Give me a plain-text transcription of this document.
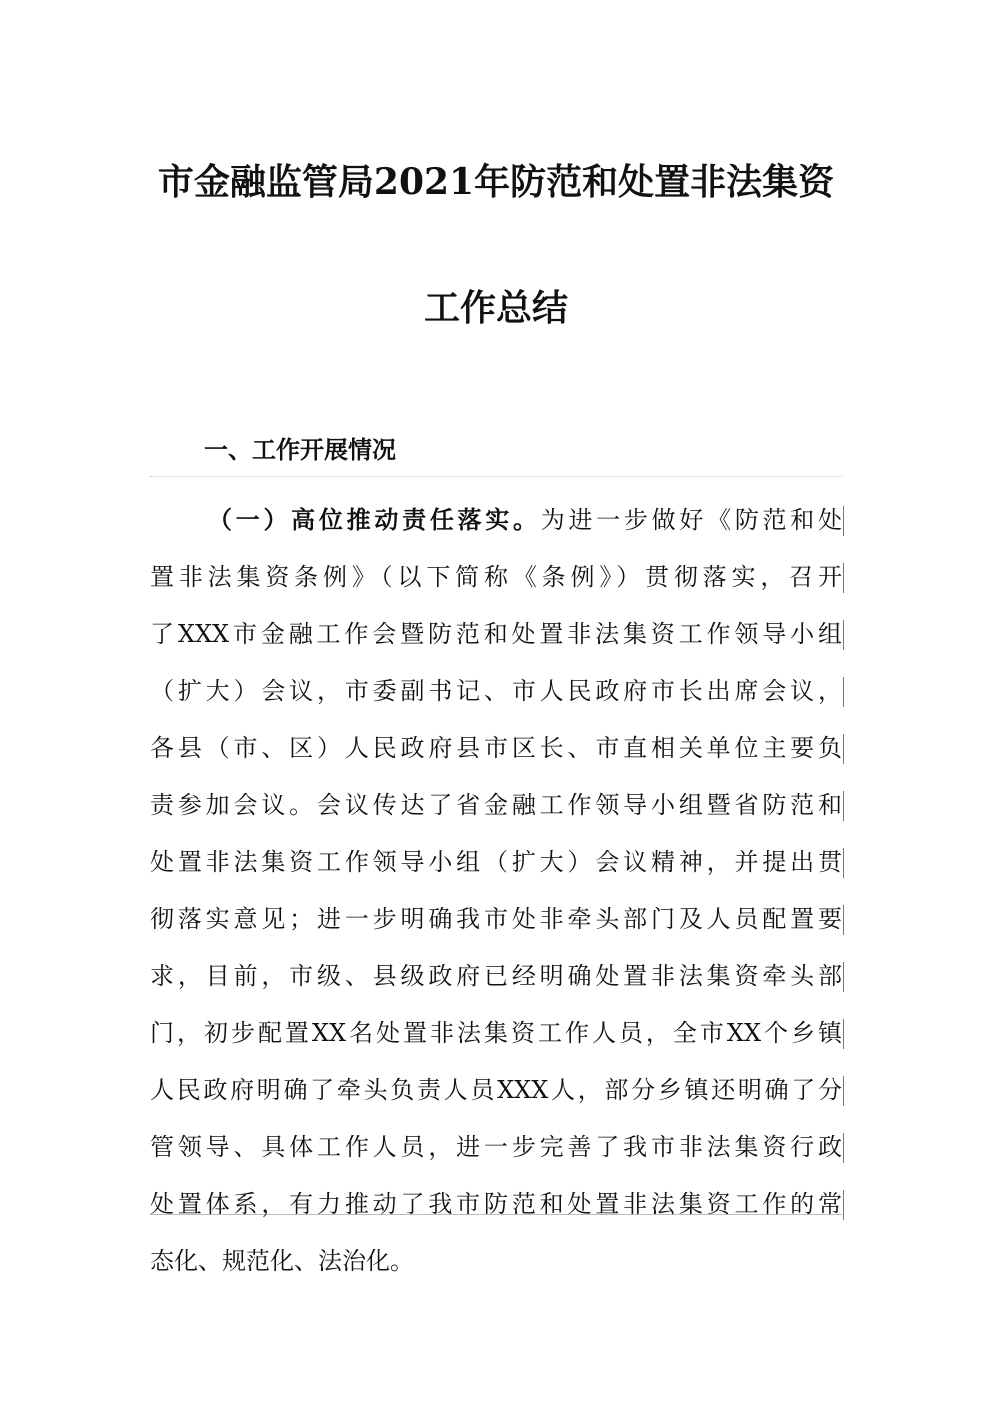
市金融监管局2021年防范和处置非法集资
工作总结
一、工作开展情况
（一）高位推动责任落实。为进一步做好《防范和处
置非法集资条例》（以下简称《条例》）贯彻落实，召开
了XXX市金融工作会暨防范和处置非法集资工作领导小组
（扩大）会议，市委副书记、市人民政府市长出席会议，
各县（市、区）人民政府县市区长、市直相关单位主要负
责参加会议。会议传达了省金融工作领导小组暨省防范和
处置非法集资工作领导小组（扩大）会议精神，并提出贯
彻落实意见；进一步明确我市处非牵头部门及人员配置要
求，目前，市级、县级政府已经明确处置非法集资牵头部
门，初步配置XX名处置非法集资工作人员，全市XX个乡镇
人民政府明确了牵头负责人员XXX人，部分乡镇还明确了分
管领导、具体工作人员，进一步完善了我市非法集资行政
处置体系，有力推动了我市防范和处置非法集资工作的常
态化、规范化、法治化。
